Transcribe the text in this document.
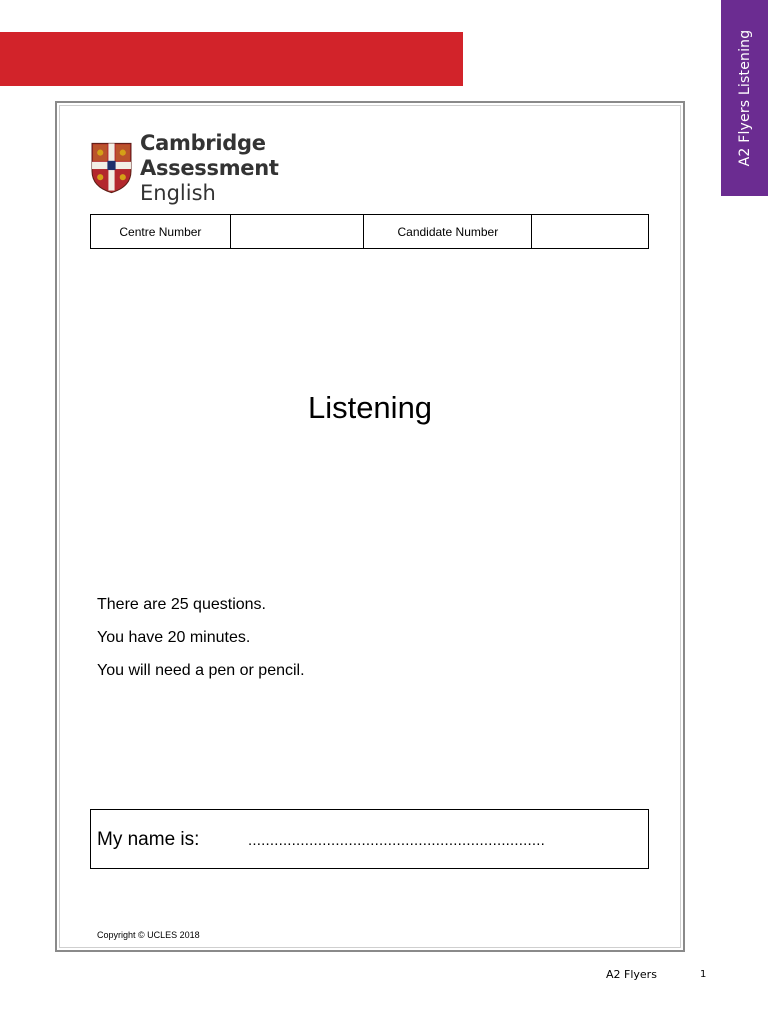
A2 Flyers Listening
Cambridge Assessment
English
Centre Number		Candidate Number	
Listening

There are 25 questions.

You have 20 minutes.

You will need a pen or pencil.

My name is:	....................................................................
Copyright © UCLES 2018
A2 Flyers	1
